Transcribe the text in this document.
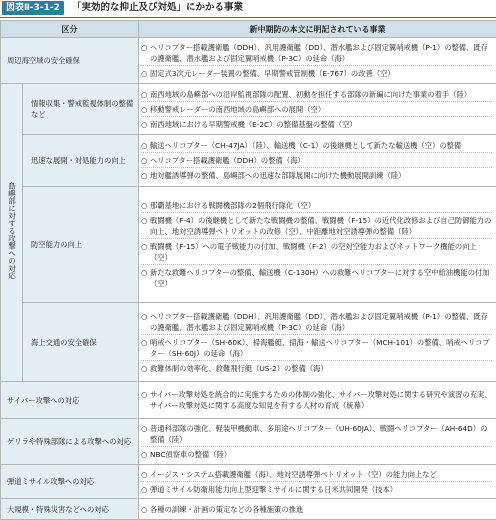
図表Ⅱ-3-1-2	「実効的な抑止及び対処」にかかる事業
区分		新中期防の本文に明記されている事業
周辺海空域の安全確保		○ ヘリコプター搭載護衛艦（DDH）、汎用護衛艦（DD）、潜水艦および固定翼哨戒機（P-1）の整備、既存の護衛艦、潜水艦および固定翼哨戒機（P-3C）の延命（海）
○ 固定式3次元レーダー装置の整備、早期警戒管制機（E-767）の改善（空）

島嶼部に対する攻撃への対応	情報収集・警戒監視体制の整備など	○ 南西地域の島嶼部への沿岸監視部隊の配置、初動を担任する部隊の新編に向けた事業の着手（陸）
○ 移動警戒レーダーの南西地域の島嶼部への展開（空）
○ 南西地域における早期警戒機（E-2C）の整備基盤の整備（空）

	迅速な展開・対処能力の向上	○ 輸送ヘリコプター（CH-47JA）（陸）、輸送機（C-1）の後継機として新たな輸送機（空）の整備
○ ヘリコプター搭載護衛艦（DDH）の整備（海）
○ 地対艦誘導弾の整備、島嶼部への迅速な部隊展開に向けた機動展開訓練（陸）

	防空能力の向上	○ 那覇基地における戦闘機部隊の2個飛行隊化（空）
○ 戦闘機（F-4）の後継機として新たな戦闘機の整備、戦闘機（F-15）の近代化改修および自己防御能力の向上、地対空誘導弾ペトリオットの改修（空）、中距離地対空誘導弾の整備（陸）
○ 戦闘機（F-15）への電子戦能力の付加、戦闘機（F-2）の空対空能力およびネットワーク機能の向上（空）
○ 新たな救難ヘリコプターの整備、輸送機（C-130H）への救難ヘリコプターに対する空中給油機能の付加（空）

	海上交通の安全確保	○ ヘリコプター搭載護衛艦（DDH）、汎用護衛艦（DD）、潜水艦および固定翼哨戒機（P-1）の整備、既存の護衛艦、潜水艦および固定翼哨戒機（P-3C）の延命（海）
○ 哨戒ヘリコプター（SH-60K）、掃海艦艇、掃海・輸送ヘリコプター（MCH-101）の整備、哨戒ヘリコプター（SH-60J）の延命（海）
○ 救難体制の効率化、救難飛行艇（US-2）の整備（海）

サイバー攻撃への対応		○ サイバー攻撃対処を統合的に実施するための体制の強化、サイバー攻撃対処に関する研究や演習の充実、サイバー攻撃対処に関する高度な知見を有する人材の育成（統幕）

ゲリラや特殊部隊による攻撃への対応		○ 普通科部隊の強化、軽装甲機動車、多用途ヘリコプター（UH-60JA）、戦闘ヘリコプター（AH-64D）の整備（陸）
○ NBC偵察車の整備（陸）

弾道ミサイル攻撃への対応		○ イージス・システム搭載護衛艦（海）、地対空誘導弾ペトリオット（空）の能力向上など
○ 弾道ミサイル防衛用能力向上型迎撃ミサイルに関する日米共同開発（技本）

大規模・特殊災害などへの対応		○ 各種の訓練・計画の策定などの各種施策の推進
